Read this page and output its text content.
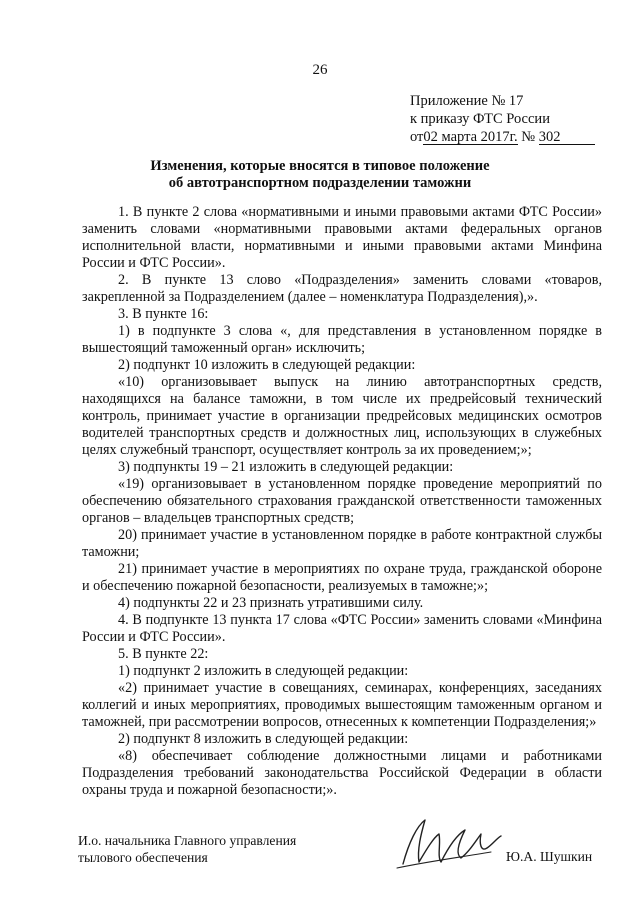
26
Приложение № 17
к приказу ФТС России
от02 марта 2017г. № 302
Изменения, которые вносятся в типовое положение
об автотранспортном подразделении таможни

1. В пункте 2 слова «нормативными и иными правовыми актами ФТС России» заменить словами «нормативными правовыми актами федеральных органов исполнительной власти, нормативными и иными правовыми актами Минфина России и ФТС России».

2. В пункте 13 слово «Подразделения» заменить словами «товаров, закрепленной за Подразделением (далее – номенклатура Подразделения),».

3. В пункте 16:

1) в подпункте 3 слова «, для представления в установленном порядке в вышестоящий таможенный орган» исключить;

2) подпункт 10 изложить в следующей редакции:

«10) организовывает выпуск на линию автотранспортных средств, находящихся на балансе таможни, в том числе их предрейсовый технический контроль, принимает участие в организации предрейсовых медицинских осмотров водителей транспортных средств и должностных лиц, использующих в служебных целях служебный транспорт, осуществляет контроль за их проведением;»;

3) подпункты 19 – 21 изложить в следующей редакции:

«19) организовывает в установленном порядке проведение мероприятий по обеспечению обязательного страхования гражданской ответственности таможенных органов – владельцев транспортных средств;

20) принимает участие в установленном порядке в работе контрактной службы таможни;

21) принимает участие в мероприятиях по охране труда, гражданской обороне и обеспечению пожарной безопасности, реализуемых в таможне;»;

4) подпункты 22 и 23 признать утратившими силу.

4. В подпункте 13 пункта 17 слова «ФТС России» заменить словами «Минфина России и ФТС России».

5. В пункте 22:

1) подпункт 2 изложить в следующей редакции:

«2) принимает участие в совещаниях, семинарах, конференциях, заседаниях коллегий и иных мероприятиях, проводимых вышестоящим таможенным органом и таможней, при рассмотрении вопросов, отнесенных к компетенции Подразделения;»

2) подпункт 8 изложить в следующей редакции:

«8) обеспечивает соблюдение должностными лицами и работниками Подразделения требований законодательства Российской Федерации в области охраны труда и пожарной безопасности;».

И.о. начальника Главного управления
тылового обеспечения	Ю.А. Шушкин
